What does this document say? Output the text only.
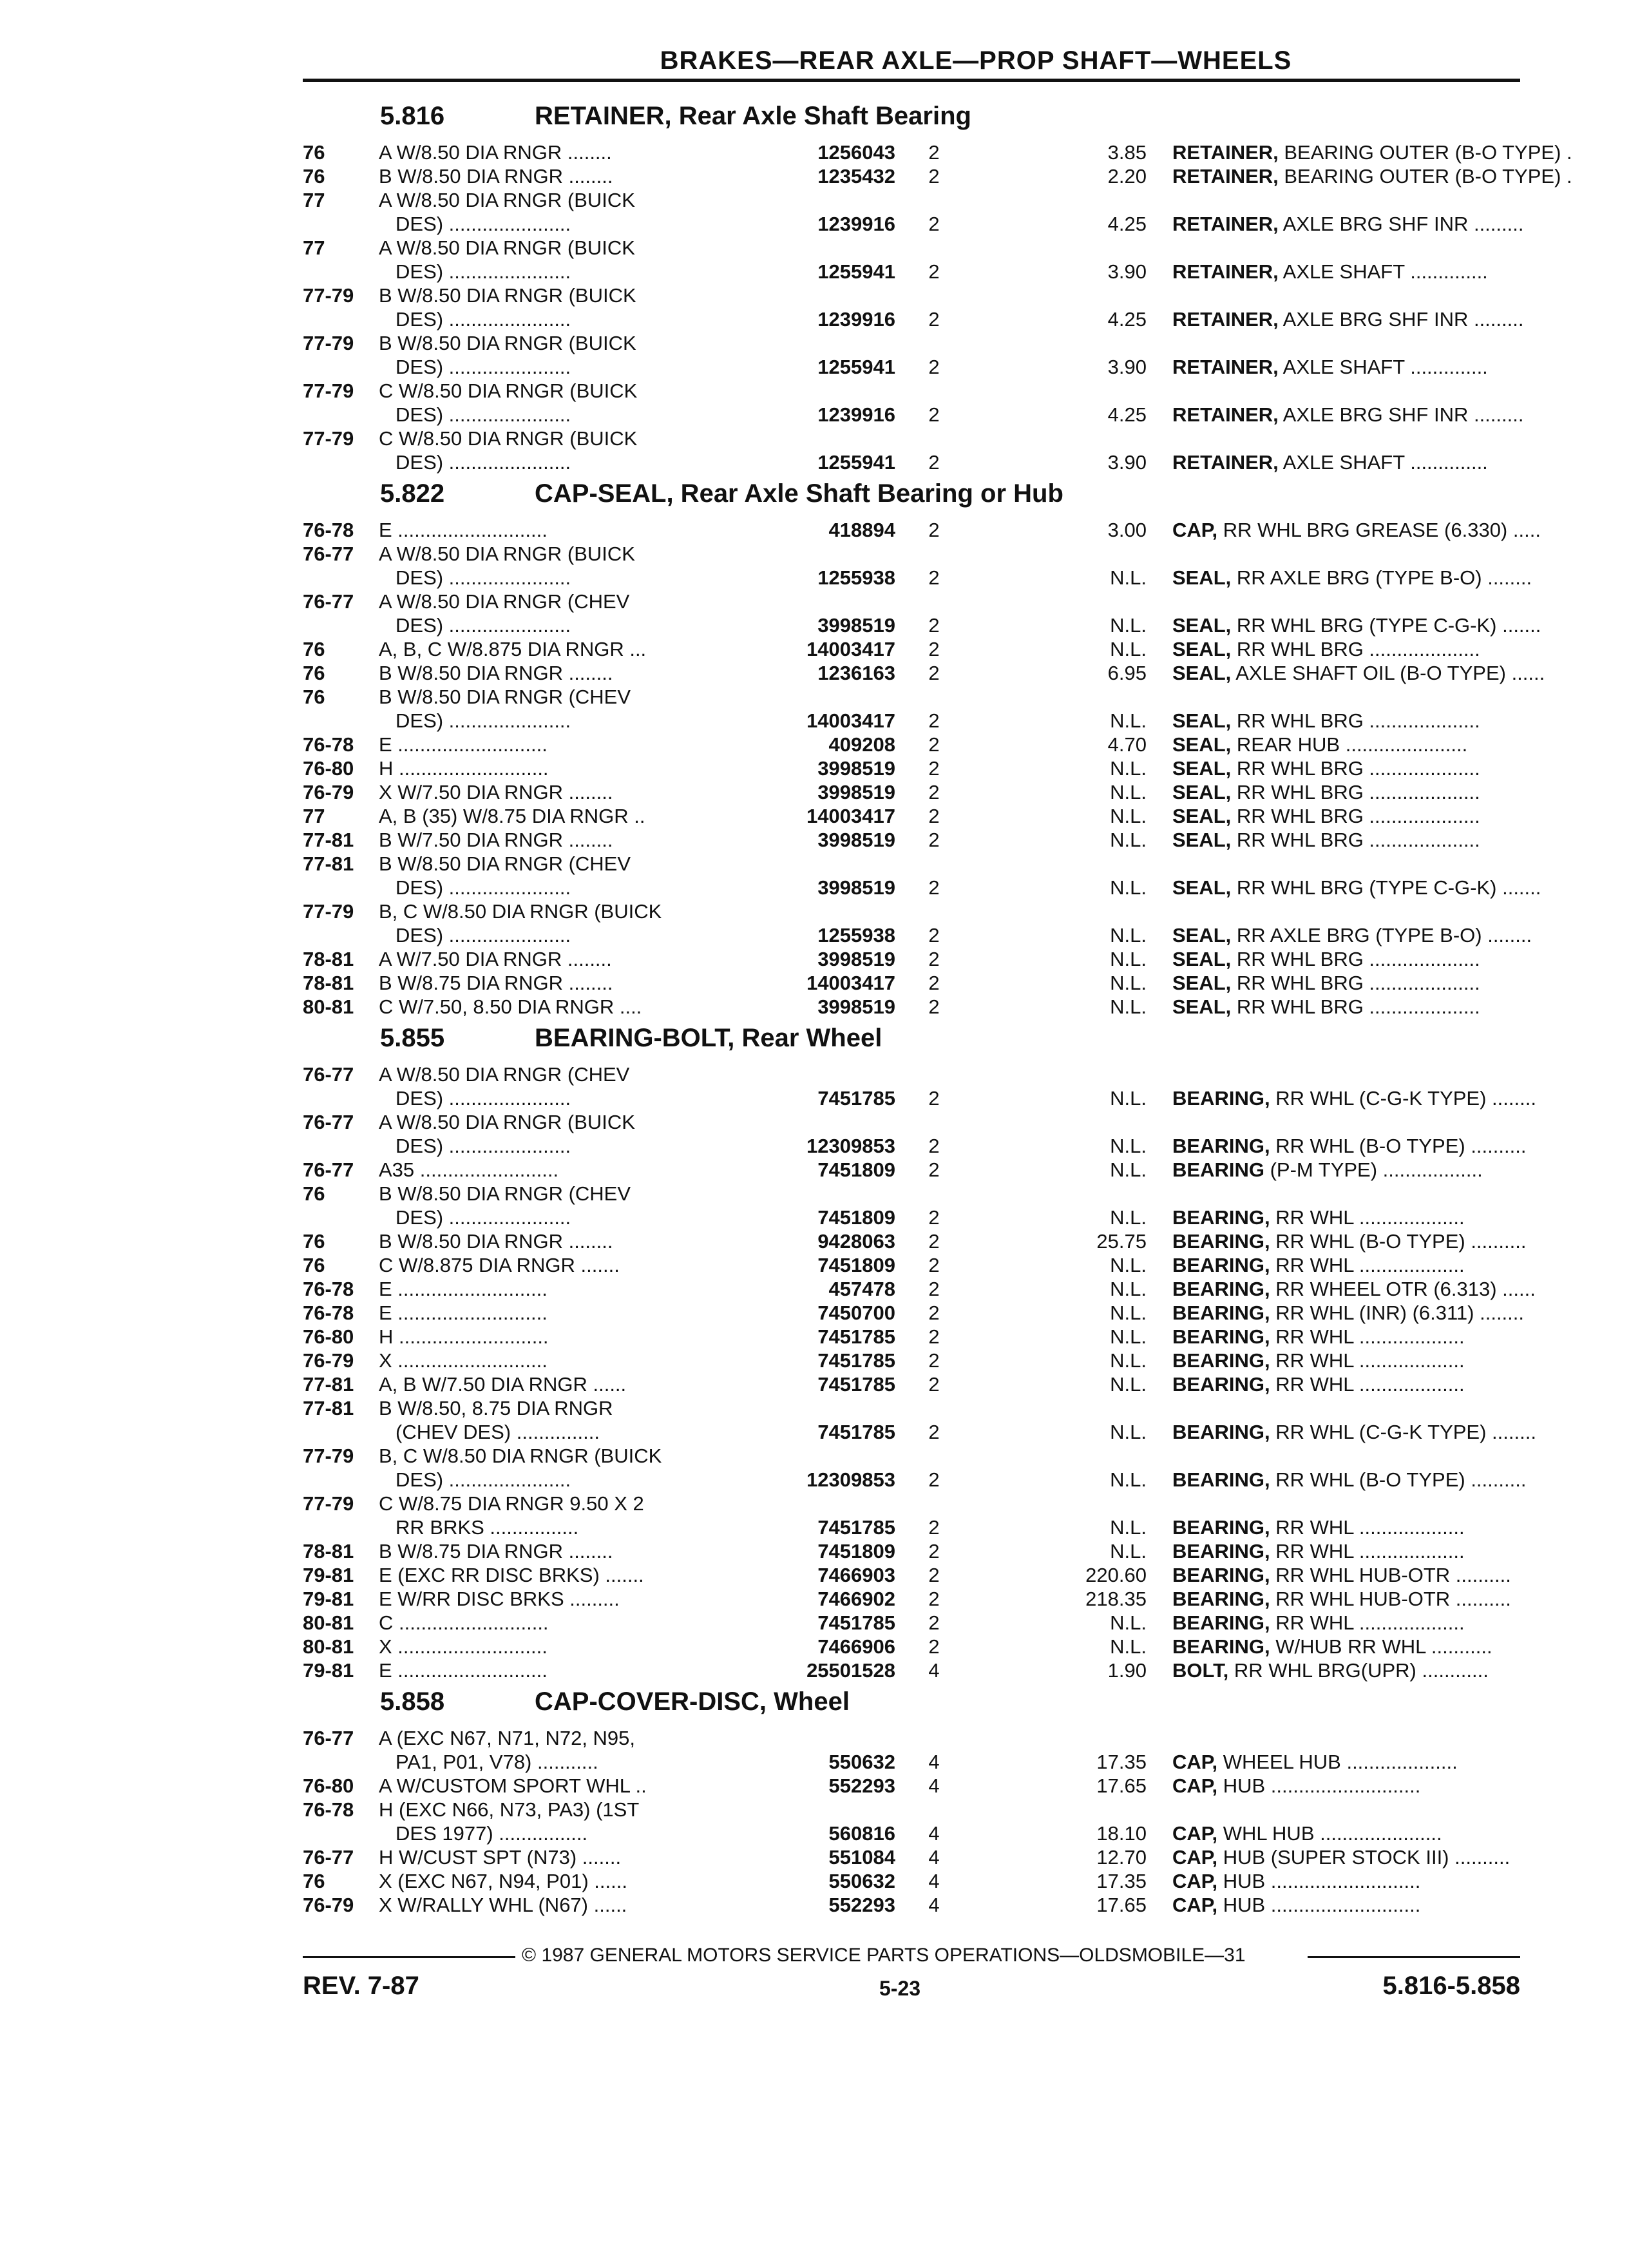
BRAKES—REAR AXLE—PROP SHAFT—WHEELS
5.816	RETAINER, Rear Axle Shaft Bearing
76	A W/8.50 DIA RNGR ........	1256043	2	3.85 RETAINER, BEARING OUTER (B-O TYPE) .
76	B W/8.50 DIA RNGR ........	1235432	2	2.20 RETAINER, BEARING OUTER (B-O TYPE) .
77	A W/8.50 DIA RNGR (BUICK
DES) ......................	1239916	2	4.25 RETAINER, AXLE BRG SHF INR .........
77	A W/8.50 DIA RNGR (BUICK
DES) ......................	1255941	2	3.90 RETAINER, AXLE SHAFT ..............
77-79 B W/8.50 DIA RNGR (BUICK
DES) ......................	1239916	2	4.25 RETAINER, AXLE BRG SHF INR .........
77-79 B W/8.50 DIA RNGR (BUICK
DES) ......................	1255941	2	3.90 RETAINER, AXLE SHAFT ..............
77-79 C W/8.50 DIA RNGR (BUICK
DES) ......................	1239916	2	4.25 RETAINER, AXLE BRG SHF INR .........
77-79 C W/8.50 DIA RNGR (BUICK
DES) ......................	1255941	2	3.90 RETAINER, AXLE SHAFT ..............
5.822	CAP-SEAL, Rear Axle Shaft Bearing or Hub
76-78 E ...........................	418894	2	3.00 CAP, RR WHL BRG GREASE (6.330) .....
76-77 A W/8.50 DIA RNGR (BUICK
DES) ......................	1255938	2	N.L. SEAL, RR AXLE BRG (TYPE B-O) ........
76-77 A W/8.50 DIA RNGR (CHEV
DES) ......................	3998519	2	N.L. SEAL, RR WHL BRG (TYPE C-G-K) .......
76	A, B, C W/8.875 DIA RNGR ...	14003417	2	N.L. SEAL, RR WHL BRG ....................
76	B W/8.50 DIA RNGR ........	1236163	2	6.95 SEAL, AXLE SHAFT OIL (B-O TYPE) ......
76	B W/8.50 DIA RNGR (CHEV
DES) ......................	14003417	2	N.L. SEAL, RR WHL BRG ....................
76-78 E ...........................	409208	2	4.70 SEAL, REAR HUB ......................
76-80 H ...........................	3998519	2	N.L. SEAL, RR WHL BRG ....................
76-79 X W/7.50 DIA RNGR ........	3998519	2	N.L. SEAL, RR WHL BRG ....................
77	A, B (35) W/8.75 DIA RNGR ..	14003417	2	N.L. SEAL, RR WHL BRG ....................
77-81 B W/7.50 DIA RNGR ........	3998519	2	N.L. SEAL, RR WHL BRG ....................
77-81 B W/8.50 DIA RNGR (CHEV
DES) ......................	3998519	2	N.L. SEAL, RR WHL BRG (TYPE C-G-K) .......
77-79 B, C W/8.50 DIA RNGR (BUICK
DES) ......................	1255938	2	N.L. SEAL, RR AXLE BRG (TYPE B-O) ........
78-81 A W/7.50 DIA RNGR ........	3998519	2	N.L. SEAL, RR WHL BRG ....................
78-81 B W/8.75 DIA RNGR ........	14003417	2	N.L. SEAL, RR WHL BRG ....................
80-81 C W/7.50, 8.50 DIA RNGR ....	3998519	2	N.L. SEAL, RR WHL BRG ....................
5.855	BEARING-BOLT, Rear Wheel
76-77 A W/8.50 DIA RNGR (CHEV
DES) ......................	7451785	2	N.L. BEARING, RR WHL (C-G-K TYPE) ........
76-77 A W/8.50 DIA RNGR (BUICK
DES) ......................	12309853	2	N.L. BEARING, RR WHL (B-O TYPE) ..........
76-77 A35 .........................	7451809	2	N.L. BEARING (P-M TYPE) ..................
76	B W/8.50 DIA RNGR (CHEV
DES) ......................	7451809	2	N.L. BEARING, RR WHL ...................
76	B W/8.50 DIA RNGR ........	9428063	2	25.75 BEARING, RR WHL (B-O TYPE) ..........
76	C W/8.875 DIA RNGR .......	7451809	2	N.L. BEARING, RR WHL ...................
76-78 E ...........................	457478	2	N.L. BEARING, RR WHEEL OTR (6.313) ......
76-78 E ...........................	7450700	2	N.L. BEARING, RR WHL (INR) (6.311) ........
76-80 H ...........................	7451785	2	N.L. BEARING, RR WHL ...................
76-79 X ...........................	7451785	2	N.L. BEARING, RR WHL ...................
77-81 A, B W/7.50 DIA RNGR ......	7451785	2	N.L. BEARING, RR WHL ...................
77-81 B W/8.50, 8.75 DIA RNGR
(CHEV DES) ...............	7451785	2	N.L. BEARING, RR WHL (C-G-K TYPE) ........
77-79 B, C W/8.50 DIA RNGR (BUICK
DES) ......................	12309853	2	N.L. BEARING, RR WHL (B-O TYPE) ..........
77-79 C W/8.75 DIA RNGR 9.50 X 2
RR BRKS ................	7451785	2	N.L. BEARING, RR WHL ...................
78-81 B W/8.75 DIA RNGR ........	7451809	2	N.L. BEARING, RR WHL ...................
79-81 E (EXC RR DISC BRKS) .......	7466903	2	220.60 BEARING, RR WHL HUB-OTR ..........
79-81 E W/RR DISC BRKS .........	7466902	2	218.35 BEARING, RR WHL HUB-OTR ..........
80-81 C ...........................	7451785	2	N.L. BEARING, RR WHL ...................
80-81 X ...........................	7466906	2	N.L. BEARING, W/HUB RR WHL ...........
79-81 E ...........................	25501528	4	1.90 BOLT, RR WHL BRG(UPR) ............
5.858	CAP-COVER-DISC, Wheel
76-77 A (EXC N67, N71, N72, N95,
PA1, P01, V78) ...........	550632	4	17.35 CAP, WHEEL HUB ....................
76-80 A W/CUSTOM SPORT WHL ..	552293	4	17.65 CAP, HUB ...........................
76-78 H (EXC N66, N73, PA3) (1ST
DES 1977) ................	560816	4	18.10 CAP, WHL HUB ......................
76-77 H W/CUST SPT (N73) .......	551084	4	12.70 CAP, HUB (SUPER STOCK III) ..........
76	X (EXC N67, N94, P01) ......	550632	4	17.35 CAP, HUB ...........................
76-79 X W/RALLY WHL (N67) ......	552293	4	17.65 CAP, HUB ...........................
© 1987 GENERAL MOTORS SERVICE PARTS OPERATIONS—OLDSMOBILE—31
REV. 7-87	5-23	5.816-5.858
